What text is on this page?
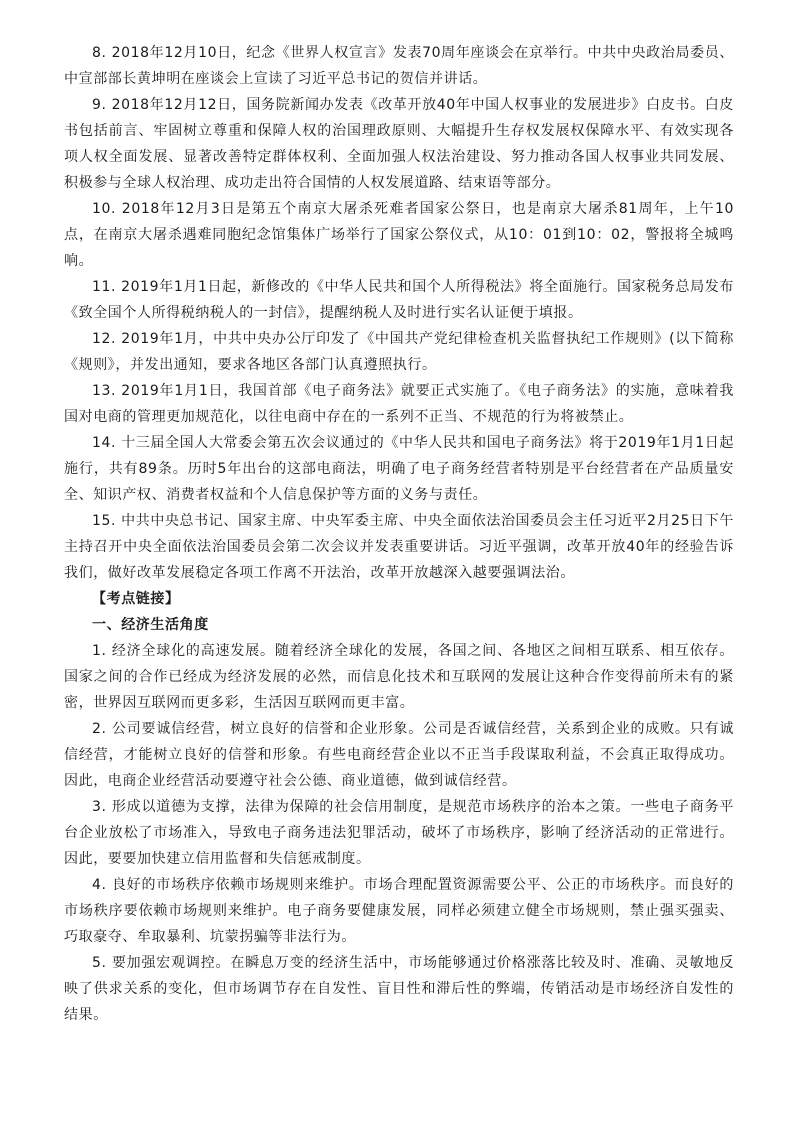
8. 2018年12月10日，纪念《世界人权宣言》发表70周年座谈会在京举行。中共中央政治局委员、中宣部部长黄坤明在座谈会上宣读了习近平总书记的贺信并讲话。

9. 2018年12月12日，国务院新闻办发表《改革开放40年中国人权事业的发展进步》白皮书。白皮书包括前言、牢固树立尊重和保障人权的治国理政原则、大幅提升生存权发展权保障水平、有效实现各项人权全面发展、显著改善特定群体权利、全面加强人权法治建设、努力推动各国人权事业共同发展、积极参与全球人权治理、成功走出符合国情的人权发展道路、结束语等部分。

10. 2018年12月3日是第五个南京大屠杀死难者国家公祭日，也是南京大屠杀81周年，上午10点，在南京大屠杀遇难同胞纪念馆集体广场举行了国家公祭仪式，从10：01到10：02，警报将全城鸣响。

11. 2019年1月1日起，新修改的《中华人民共和国个人所得税法》将全面施行。国家税务总局发布《致全国个人所得税纳税人的一封信》，提醒纳税人及时进行实名认证便于填报。

12. 2019年1月，中共中央办公厅印发了《中国共产党纪律检查机关监督执纪工作规则》(以下简称《规则》，并发出通知，要求各地区各部门认真遵照执行。

13. 2019年1月1日，我国首部《电子商务法》就要正式实施了。《电子商务法》的实施，意味着我国对电商的管理更加规范化，以往电商中存在的一系列不正当、不规范的行为将被禁止。

14. 十三届全国人大常委会第五次会议通过的《中华人民共和国电子商务法》将于2019年1月1日起施行，共有89条。历时5年出台的这部电商法，明确了电子商务经营者特别是平台经营者在产品质量安全、知识产权、消费者权益和个人信息保护等方面的义务与责任。

15. 中共中央总书记、国家主席、中央军委主席、中央全面依法治国委员会主任习近平2月25日下午主持召开中央全面依法治国委员会第二次会议并发表重要讲话。习近平强调，改革开放40年的经验告诉我们，做好改革发展稳定各项工作离不开法治，改革开放越深入越要强调法治。

【考点链接】

一、经济生活角度

1. 经济全球化的高速发展。随着经济全球化的发展，各国之间、各地区之间相互联系、相互依存。国家之间的合作已经成为经济发展的必然，而信息化技术和互联网的发展让这种合作变得前所未有的紧密，世界因互联网而更多彩，生活因互联网而更丰富。

2. 公司要诚信经营，树立良好的信誉和企业形象。公司是否诚信经营，关系到企业的成败。只有诚信经营，才能树立良好的信誉和形象。有些电商经营企业以不正当手段谋取利益，不会真正取得成功。因此，电商企业经营活动要遵守社会公德、商业道德，做到诚信经营。

3. 形成以道德为支撑，法律为保障的社会信用制度，是规范市场秩序的治本之策。一些电子商务平台企业放松了市场准入，导致电子商务违法犯罪活动，破坏了市场秩序，影响了经济活动的正常进行。因此，要要加快建立信用监督和失信惩戒制度。

4. 良好的市场秩序依赖市场规则来维护。市场合理配置资源需要公平、公正的市场秩序。而良好的市场秩序要依赖市场规则来维护。电子商务要健康发展，同样必须建立健全市场规则，禁止强买强卖、巧取豪夺、牟取暴利、坑蒙拐骗等非法行为。

5. 要加强宏观调控。在瞬息万变的经济生活中，市场能够通过价格涨落比较及时、准确、灵敏地反映了供求关系的变化，但市场调节存在自发性、盲目性和滞后性的弊端，传销活动是市场经济自发性的结果。
